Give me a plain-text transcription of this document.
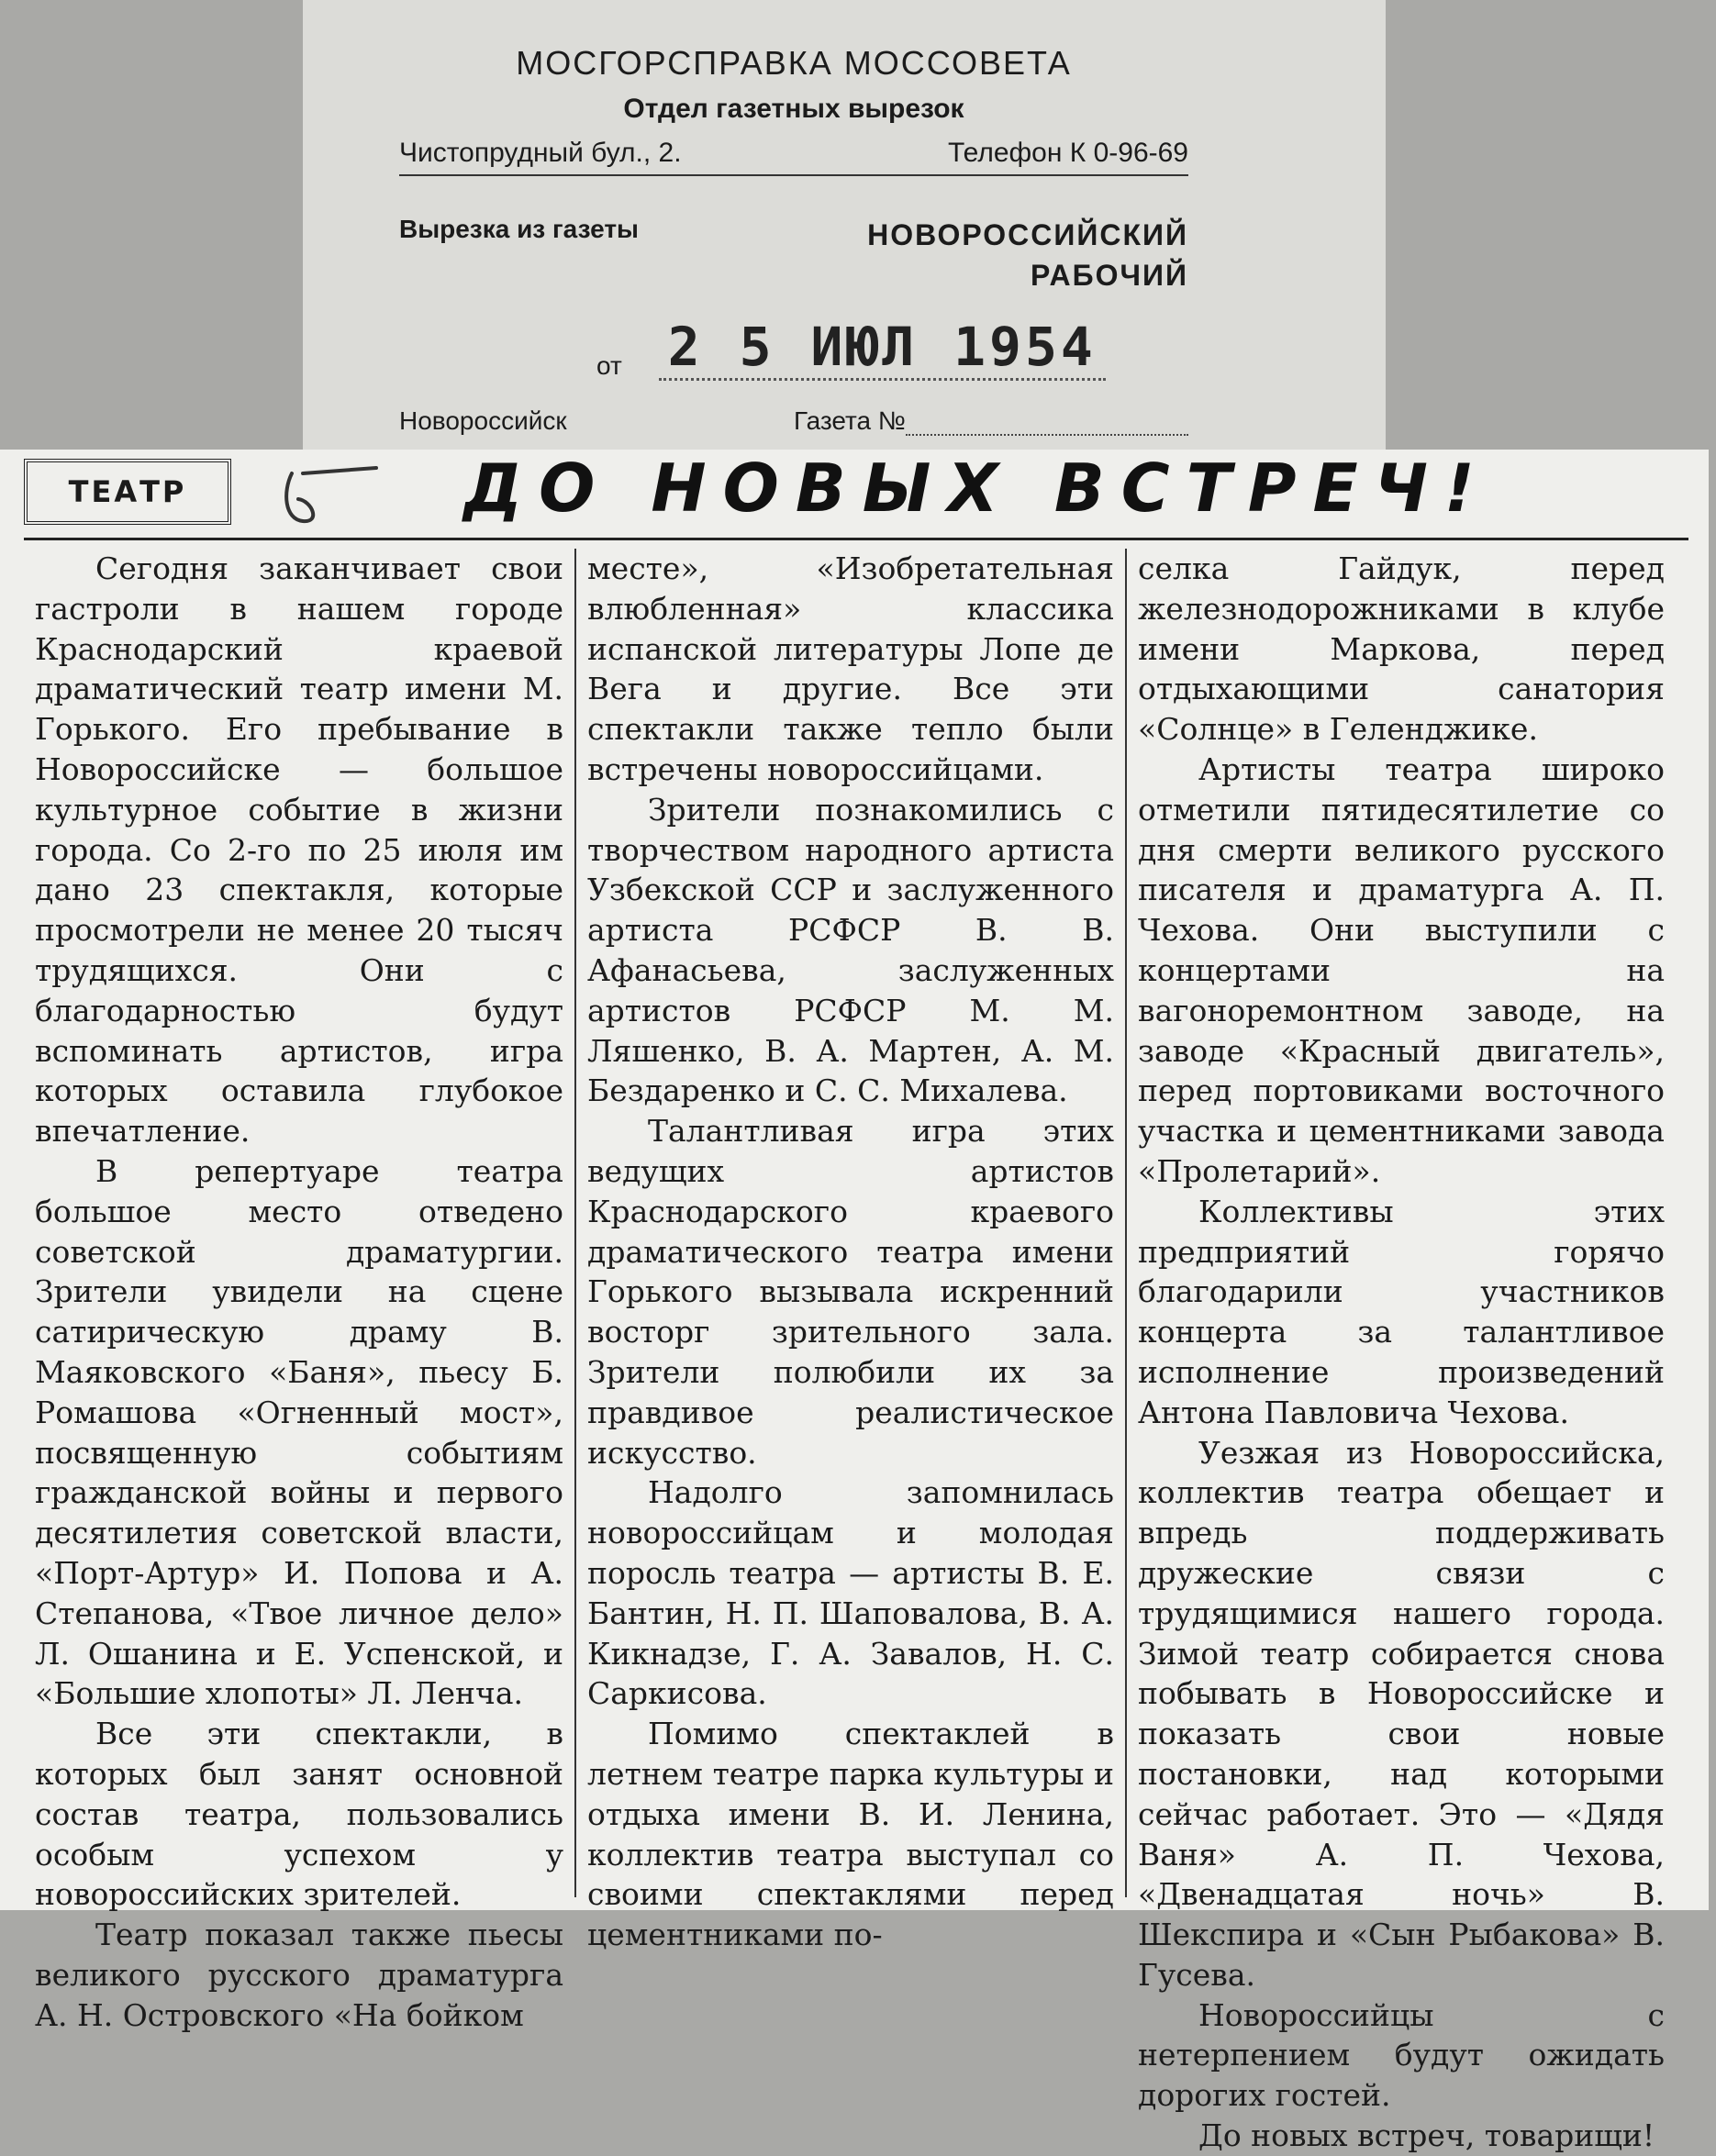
МОСГОРСПРАВКА МОССОВЕТА
Отдел газетных вырезок
Чистопрудный бул., 2.	Телефон К 0-96-69
Вырезка из газеты	НОВОРОССИЙСКИЙ
РАБОЧИЙ
от 2 5 ИЮЛ 1954
Новороссийск	Газета №
ТЕАТР	ДО НОВЫХ ВСТРЕЧ!

Сегодня заканчивает свои гастроли в нашем городе Краснодарский краевой драматический театр имени М. Горького. Его пребывание в Новороссийске — большое культурное событие в жизни города. Со 2-го по 25 июля им дано 23 спектакля, которые просмотрели не менее 20 тысяч трудящихся. Они с благодарностью будут вспоминать артистов, игра которых оставила глубокое впечатление.

В репертуаре театра большое место отведено советской драматургии. Зрители увидели на сцене сатирическую драму В. Маяковского «Баня», пьесу Б. Ромашова «Огненный мост», посвященную событиям гражданской войны и первого десятилетия советской власти, «Порт-Артур» И. Попова и А. Степанова, «Твое личное дело» Л. Ошанина и Е. Успенской, и «Большие хлопоты» Л. Ленча.

Все эти спектакли, в которых был занят основной состав театра, пользовались особым успехом у новороссийских зрителей.

Театр показал также пьесы великого русского драматурга А. Н. Островского «На бойком

месте», «Изобретательная влюбленная» классика испанской литературы Лопе де Вега и другие. Все эти спектакли также тепло были встречены новороссийцами.

Зрители познакомились с творчеством народного артиста Узбекской ССР и заслуженного артиста РСФСР В. В. Афанасьева, заслуженных артистов РСФСР М. М. Ляшенко, В. А. Мартен, А. М. Бездаренко и С. С. Михалева.

Талантливая игра этих ведущих артистов Краснодарского краевого драматического театра имени Горького вызывала искренний восторг зрительного зала. Зрители полюбили их за правдивое реалистическое искусство.

Надолго запомнилась новороссийцам и молодая поросль театра — артисты В. Е. Бантин, Н. П. Шаповалова, В. А. Кикнадзе, Г. А. Завалов, Н. С. Саркисова.

Помимо спектаклей в летнем театре парка культуры и отдыха имени В. И. Ленина, коллектив театра выступал со своими спектаклями перед цементниками по-

селка Гайдук, перед железнодорожниками в клубе имени Маркова, перед отдыхающими санатория «Солнце» в Геленджике.

Артисты театра широко отметили пятидесятилетие со дня смерти великого русского писателя и драматурга А. П. Чехова. Они выступили с концертами на вагоноремонтном заводе, на заводе «Красный двигатель», перед портовиками восточного участка и цементниками завода «Пролетарий».

Коллективы этих предприятий горячо благодарили участников концерта за талантливое исполнение произведений Антона Павловича Чехова.

Уезжая из Новороссийска, коллектив театра обещает и впредь поддерживать дружеские связи с трудящимися нашего города. Зимой театр собирается снова побывать в Новороссийске и показать свои новые постановки, над которыми сейчас работает. Это — «Дядя Ваня» А. П. Чехова, «Двенадцатая ночь» В. Шекспира и «Сын Рыбакова» В. Гусева.

Новороссийцы с нетерпением будут ожидать дорогих гостей.

До новых встреч, товарищи!
